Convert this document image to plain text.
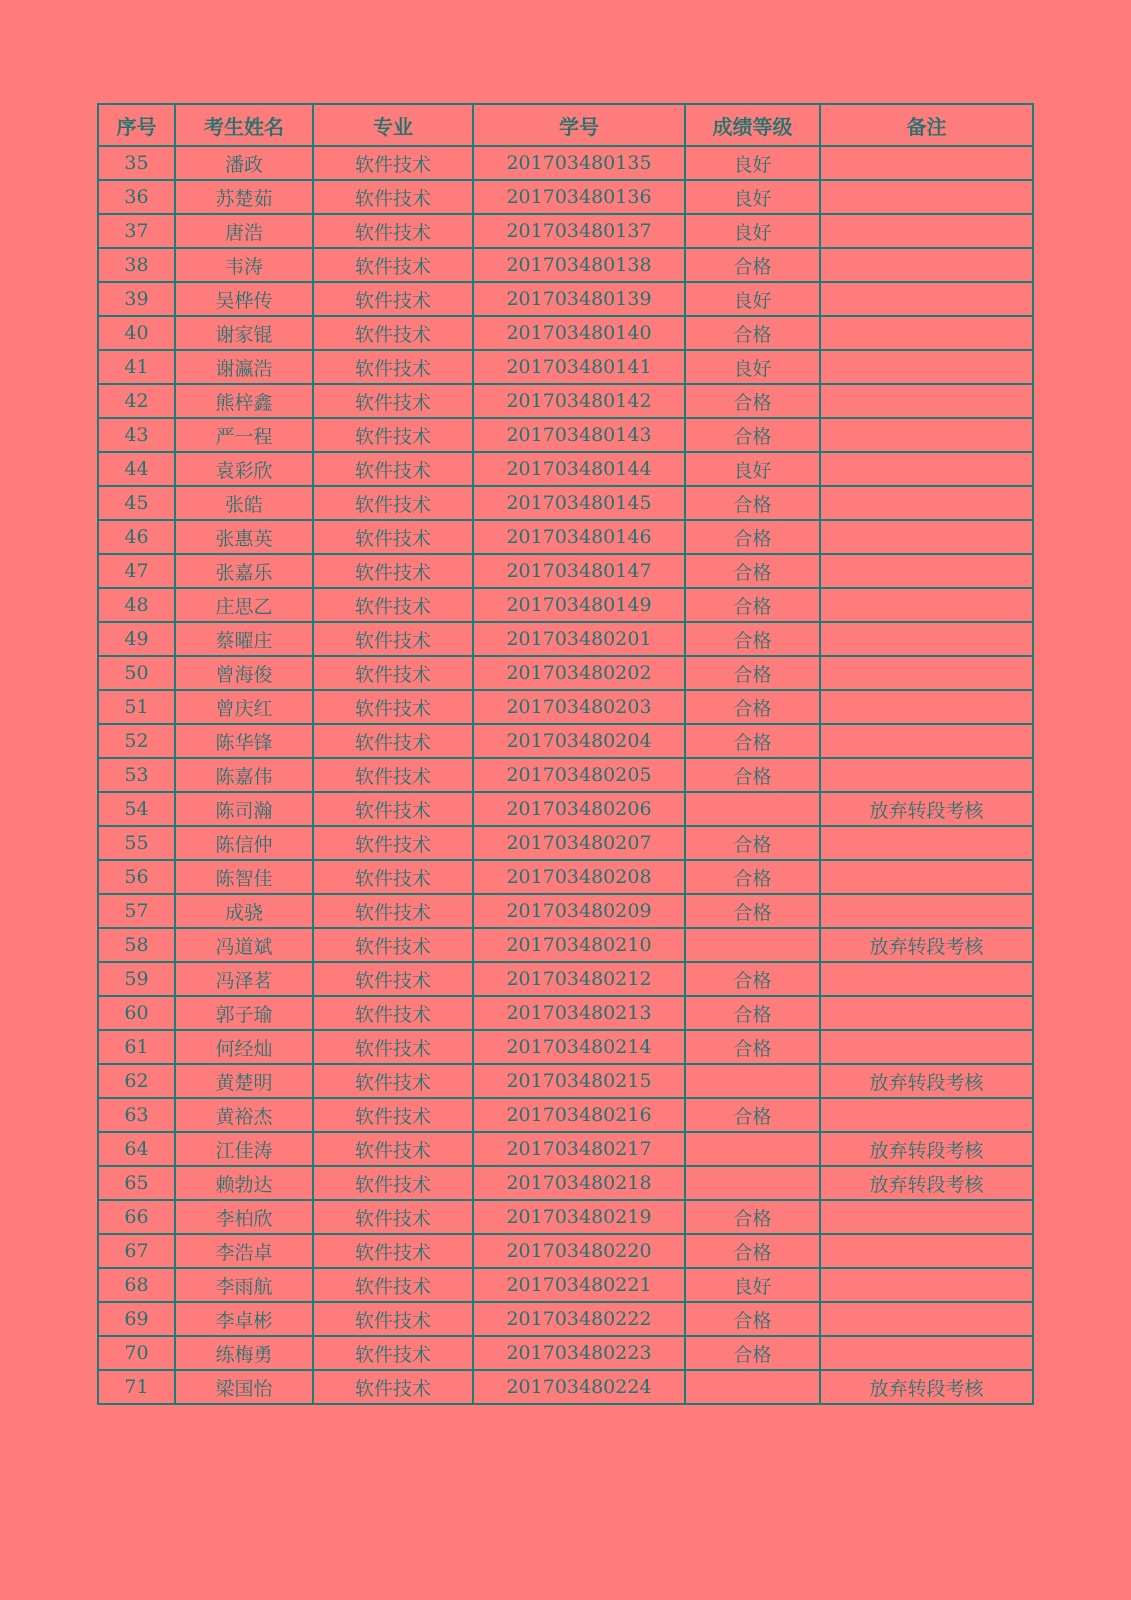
序号	考生姓名	专业	学号	成绩等级	备注
35	潘政	软件技术	201703480135	良好	
36	苏楚茹	软件技术	201703480136	良好	
37	唐浩	软件技术	201703480137	良好	
38	韦涛	软件技术	201703480138	合格	
39	吴桦传	软件技术	201703480139	良好	
40	谢家锟	软件技术	201703480140	合格	
41	谢瀛浩	软件技术	201703480141	良好	
42	熊梓鑫	软件技术	201703480142	合格	
43	严一程	软件技术	201703480143	合格	
44	袁彩欣	软件技术	201703480144	良好	
45	张皓	软件技术	201703480145	合格	
46	张惠英	软件技术	201703480146	合格	
47	张嘉乐	软件技术	201703480147	合格	
48	庄思乙	软件技术	201703480149	合格	
49	蔡曜庄	软件技术	201703480201	合格	
50	曾海俊	软件技术	201703480202	合格	
51	曾庆红	软件技术	201703480203	合格	
52	陈华锋	软件技术	201703480204	合格	
53	陈嘉伟	软件技术	201703480205	合格	
54	陈司瀚	软件技术	201703480206		放弃转段考核
55	陈信仲	软件技术	201703480207	合格	
56	陈智佳	软件技术	201703480208	合格	
57	成骁	软件技术	201703480209	合格	
58	冯道斌	软件技术	201703480210		放弃转段考核
59	冯泽茗	软件技术	201703480212	合格	
60	郭子瑜	软件技术	201703480213	合格	
61	何经灿	软件技术	201703480214	合格	
62	黄楚明	软件技术	201703480215		放弃转段考核
63	黄裕杰	软件技术	201703480216	合格	
64	江佳涛	软件技术	201703480217		放弃转段考核
65	赖勃达	软件技术	201703480218		放弃转段考核
66	李柏欣	软件技术	201703480219	合格	
67	李浩卓	软件技术	201703480220	合格	
68	李雨航	软件技术	201703480221	良好	
69	李卓彬	软件技术	201703480222	合格	
70	练梅勇	软件技术	201703480223	合格	
71	梁国怡	软件技术	201703480224		放弃转段考核
